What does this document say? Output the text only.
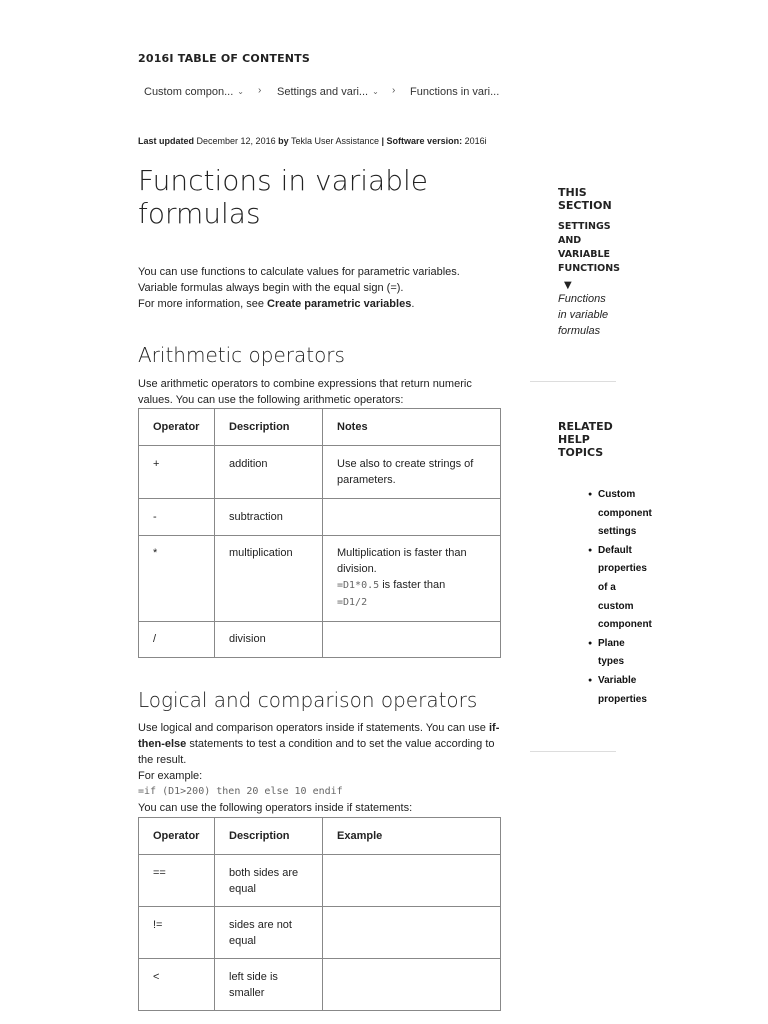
2016I TABLE OF CONTENTS
Custom compon... ⌄ › Settings and vari... ⌄ › Functions in vari...
Last updated December 12, 2016 by Tekla User Assistance | Software version: 2016i
Functions in variable formulas

You can use functions to calculate values for parametric variables.

Variable formulas always begin with the equal sign (=).

For more information, see Create parametric variables.

Arithmetic operators

Use arithmetic operators to combine expressions that return numeric values. You can use the following arithmetic operators:

Operator	Description	Notes
+	addition	Use also to create strings of parameters.
-	subtraction	
*	multiplication	Multiplication is faster than division.
=D1*0.5 is faster than
=D1/2
/	division	
Logical and comparison operators

Use logical and comparison operators inside if statements. You can use if-then-else statements to test a condition and to set the value according to the result.

For example:

=if (D1>200) then 20 else 10 endif

You can use the following operators inside if statements:

Operator	Description	Example
==	both sides are equal	
!=	sides are not equal	
<	left side is smaller	
THIS SECTION
SETTINGS AND VARIABLE FUNCTIONS
▼
Functions in variable formulas
RELATED HELP TOPICS
● Custom component settings
● Default properties of a custom component
● Plane types
● Variable properties
